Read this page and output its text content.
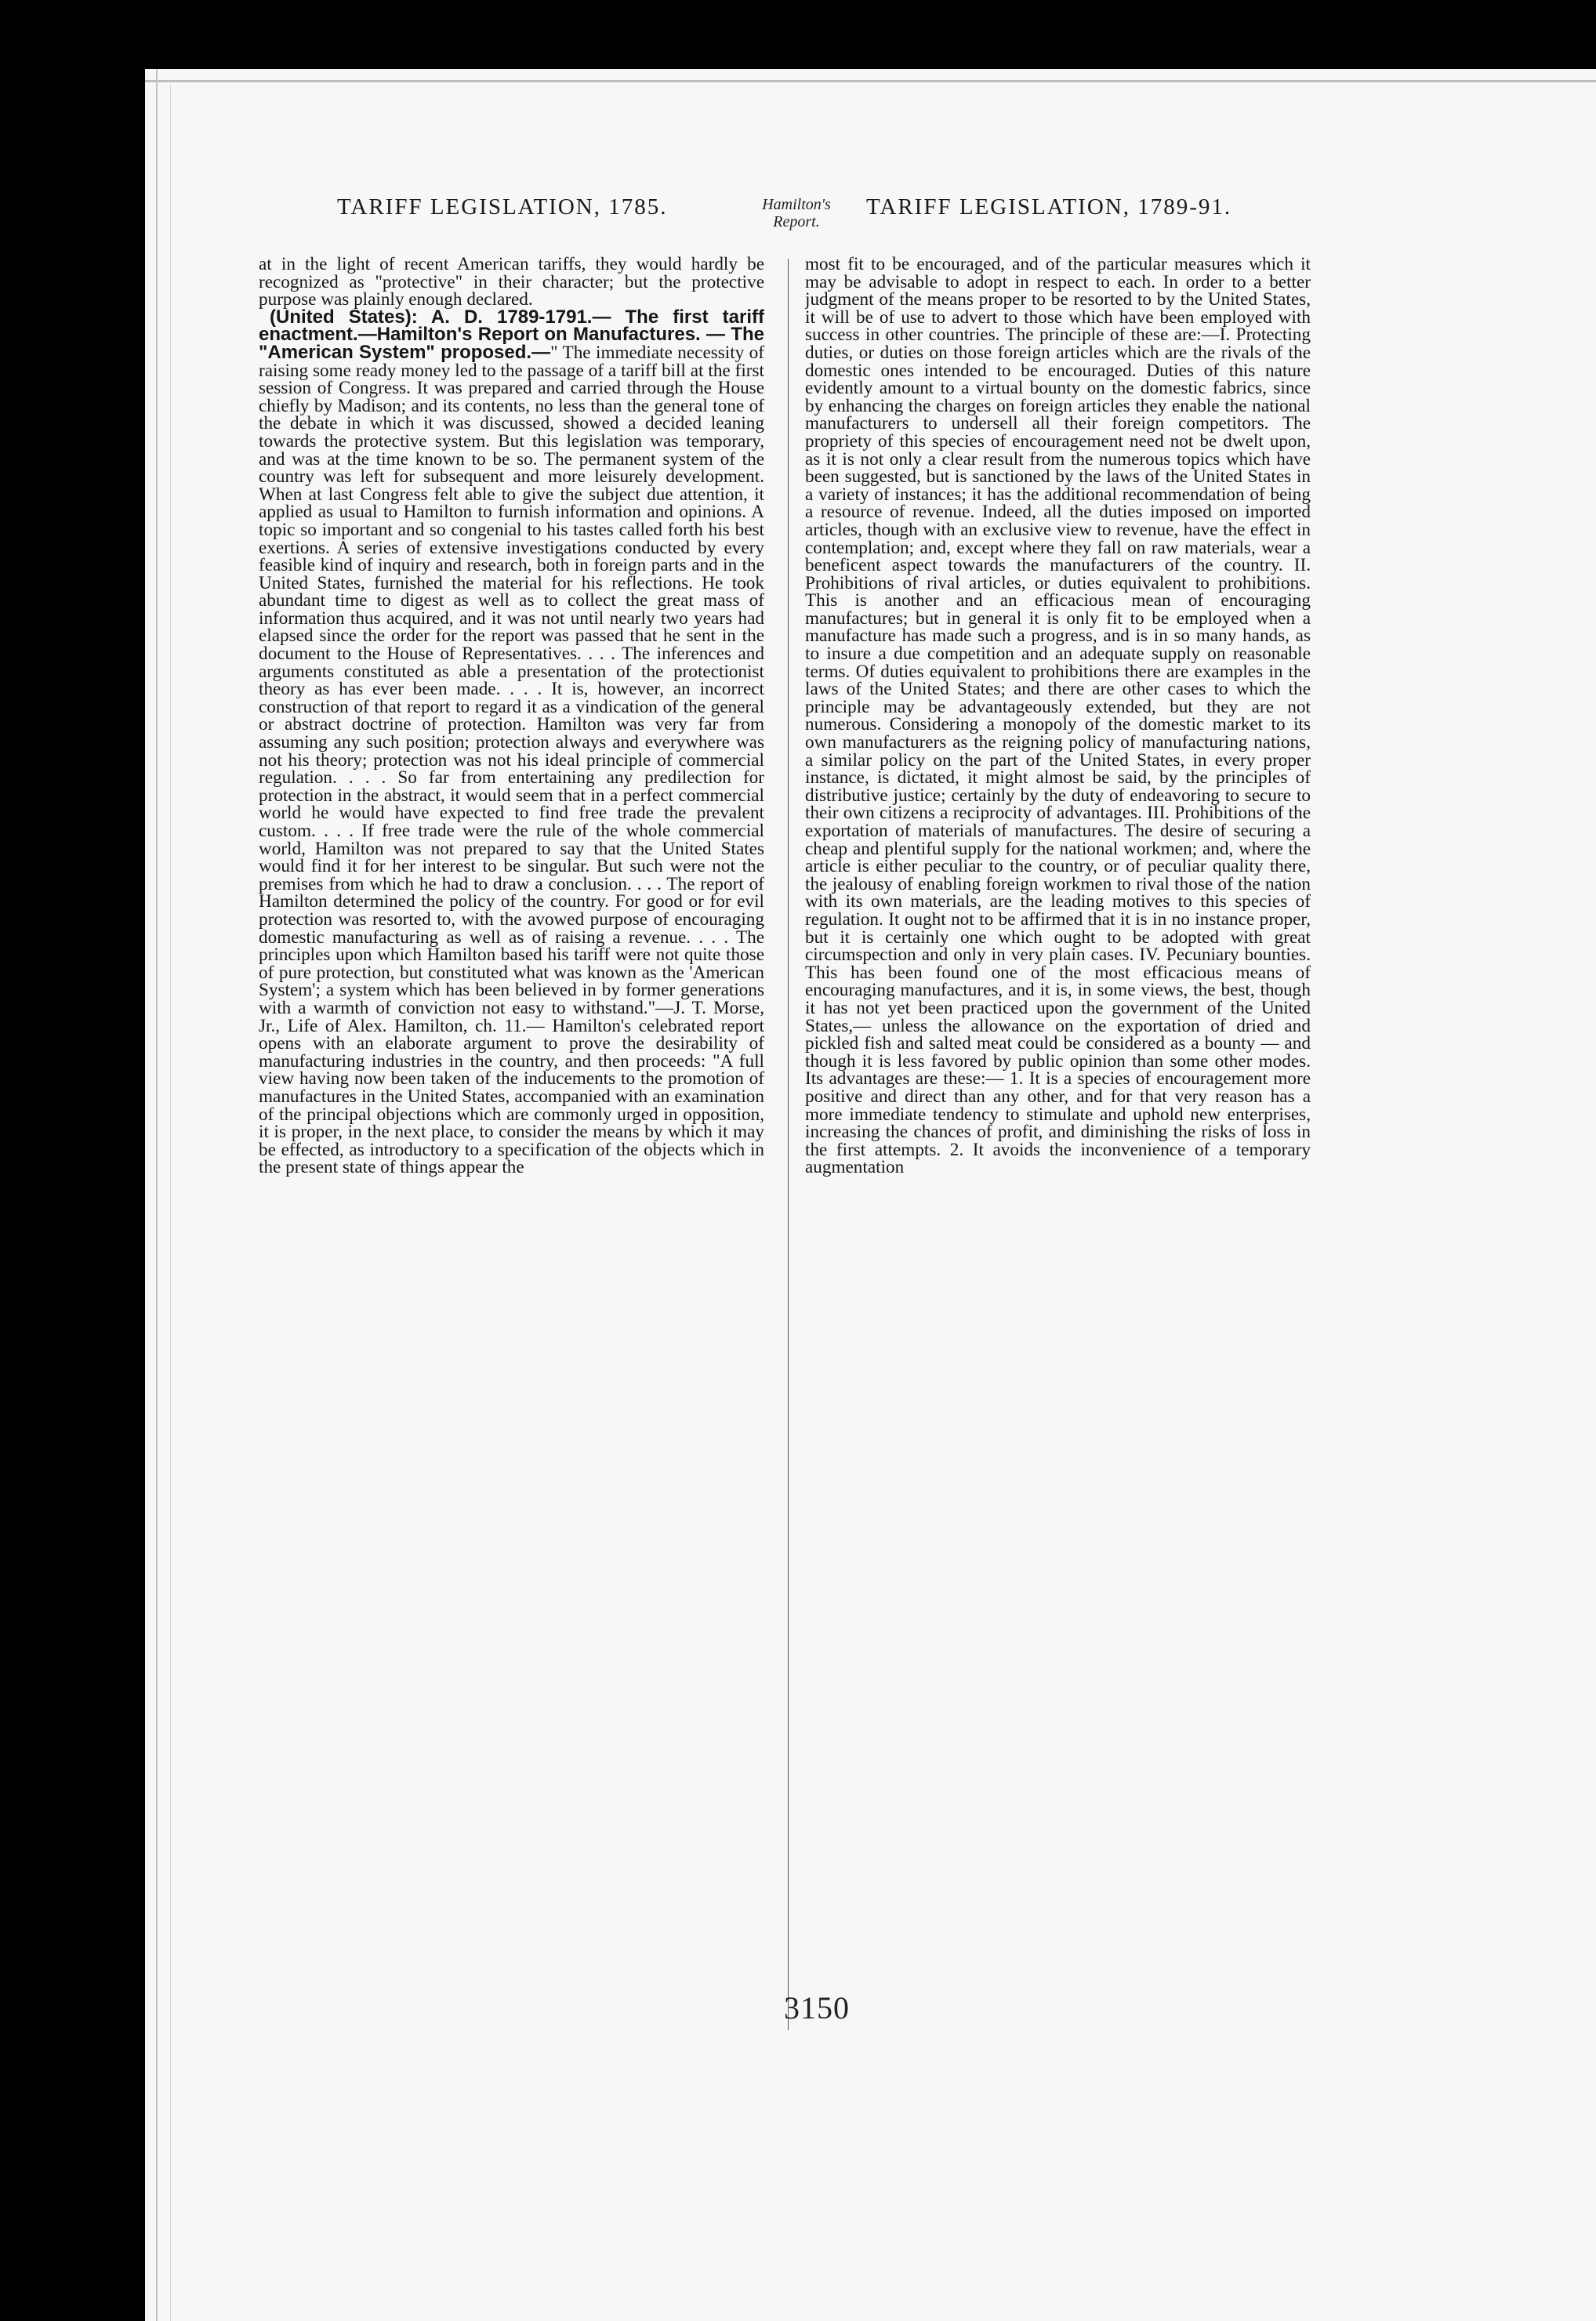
TARIFF LEGISLATION, 1785.	Hamilton's Report.
TARIFF LEGISLATION, 1789-91.

at in the light of recent American tariffs, they would hardly be recognized as "protective" in their character; but the protective purpose was plainly enough declared.

(United States): A. D. 1789-1791.— The first tariff enactment.—Hamilton's Report on Manufactures. — The "American System" proposed.—" The immediate necessity of raising some ready money led to the passage of a tariff bill at the first session of Congress. It was prepared and carried through the House chiefly by Madison; and its contents, no less than the general tone of the debate in which it was discussed, showed a decided leaning towards the protective system. But this legislation was temporary, and was at the time known to be so. The permanent system of the country was left for subsequent and more leisurely development. When at last Congress felt able to give the subject due attention, it applied as usual to Hamilton to furnish information and opinions. A topic so important and so congenial to his tastes called forth his best exertions. A series of extensive investigations conducted by every feasible kind of inquiry and research, both in foreign parts and in the United States, furnished the material for his reflections. He took abundant time to digest as well as to collect the great mass of information thus acquired, and it was not until nearly two years had elapsed since the order for the report was passed that he sent in the document to the House of Representatives. . . . The inferences and arguments constituted as able a presentation of the protectionist theory as has ever been made. . . . It is, however, an incorrect construction of that report to regard it as a vindication of the general or abstract doctrine of protection. Hamilton was very far from assuming any such position; protection always and everywhere was not his theory; protection was not his ideal principle of commercial regulation. . . . So far from entertaining any predilection for protection in the abstract, it would seem that in a perfect commercial world he would have expected to find free trade the prevalent custom. . . . If free trade were the rule of the whole commercial world, Hamilton was not prepared to say that the United States would find it for her interest to be singular. But such were not the premises from which he had to draw a conclusion. . . . The report of Hamilton determined the policy of the country. For good or for evil protection was resorted to, with the avowed purpose of encouraging domestic manufacturing as well as of raising a revenue. . . . The principles upon which Hamilton based his tariff were not quite those of pure protection, but constituted what was known as the 'American System'; a system which has been believed in by former generations with a warmth of conviction not easy to withstand."—J. T. Morse, Jr., Life of Alex. Hamilton, ch. 11.— Hamilton's celebrated report opens with an elaborate argument to prove the desirability of manufacturing industries in the country, and then proceeds: "A full view having now been taken of the inducements to the promotion of manufactures in the United States, accompanied with an examination of the principal objections which are commonly urged in opposition, it is proper, in the next place, to consider the means by which it may be effected, as introductory to a specification of the objects which in the present state of things appear the

most fit to be encouraged, and of the particular measures which it may be advisable to adopt in respect to each. In order to a better judgment of the means proper to be resorted to by the United States, it will be of use to advert to those which have been employed with success in other countries. The principle of these are:—I. Protecting duties, or duties on those foreign articles which are the rivals of the domestic ones intended to be encouraged. Duties of this nature evidently amount to a virtual bounty on the domestic fabrics, since by enhancing the charges on foreign articles they enable the national manufacturers to undersell all their foreign competitors. The propriety of this species of encouragement need not be dwelt upon, as it is not only a clear result from the numerous topics which have been suggested, but is sanctioned by the laws of the United States in a variety of instances; it has the additional recommendation of being a resource of revenue. Indeed, all the duties imposed on imported articles, though with an exclusive view to revenue, have the effect in contemplation; and, except where they fall on raw materials, wear a beneficent aspect towards the manufacturers of the country. II. Prohibitions of rival articles, or duties equivalent to prohibitions. This is another and an efficacious mean of encouraging manufactures; but in general it is only fit to be employed when a manufacture has made such a progress, and is in so many hands, as to insure a due competition and an adequate supply on reasonable terms. Of duties equivalent to prohibitions there are examples in the laws of the United States; and there are other cases to which the principle may be advantageously extended, but they are not numerous. Considering a monopoly of the domestic market to its own manufacturers as the reigning policy of manufacturing nations, a similar policy on the part of the United States, in every proper instance, is dictated, it might almost be said, by the principles of distributive justice; certainly by the duty of endeavoring to secure to their own citizens a reciprocity of advantages. III. Prohibitions of the exportation of materials of manufactures. The desire of securing a cheap and plentiful supply for the national workmen; and, where the article is either peculiar to the country, or of peculiar quality there, the jealousy of enabling foreign workmen to rival those of the nation with its own materials, are the leading motives to this species of regulation. It ought not to be affirmed that it is in no instance proper, but it is certainly one which ought to be adopted with great circumspection and only in very plain cases. IV. Pecuniary bounties. This has been found one of the most efficacious means of encouraging manufactures, and it is, in some views, the best, though it has not yet been practiced upon the government of the United States,— unless the allowance on the exportation of dried and pickled fish and salted meat could be considered as a bounty — and though it is less favored by public opinion than some other modes. Its advantages are these:— 1. It is a species of encouragement more positive and direct than any other, and for that very reason has a more immediate tendency to stimulate and uphold new enterprises, increasing the chances of profit, and diminishing the risks of loss in the first attempts. 2. It avoids the inconvenience of a temporary augmentation

3150
